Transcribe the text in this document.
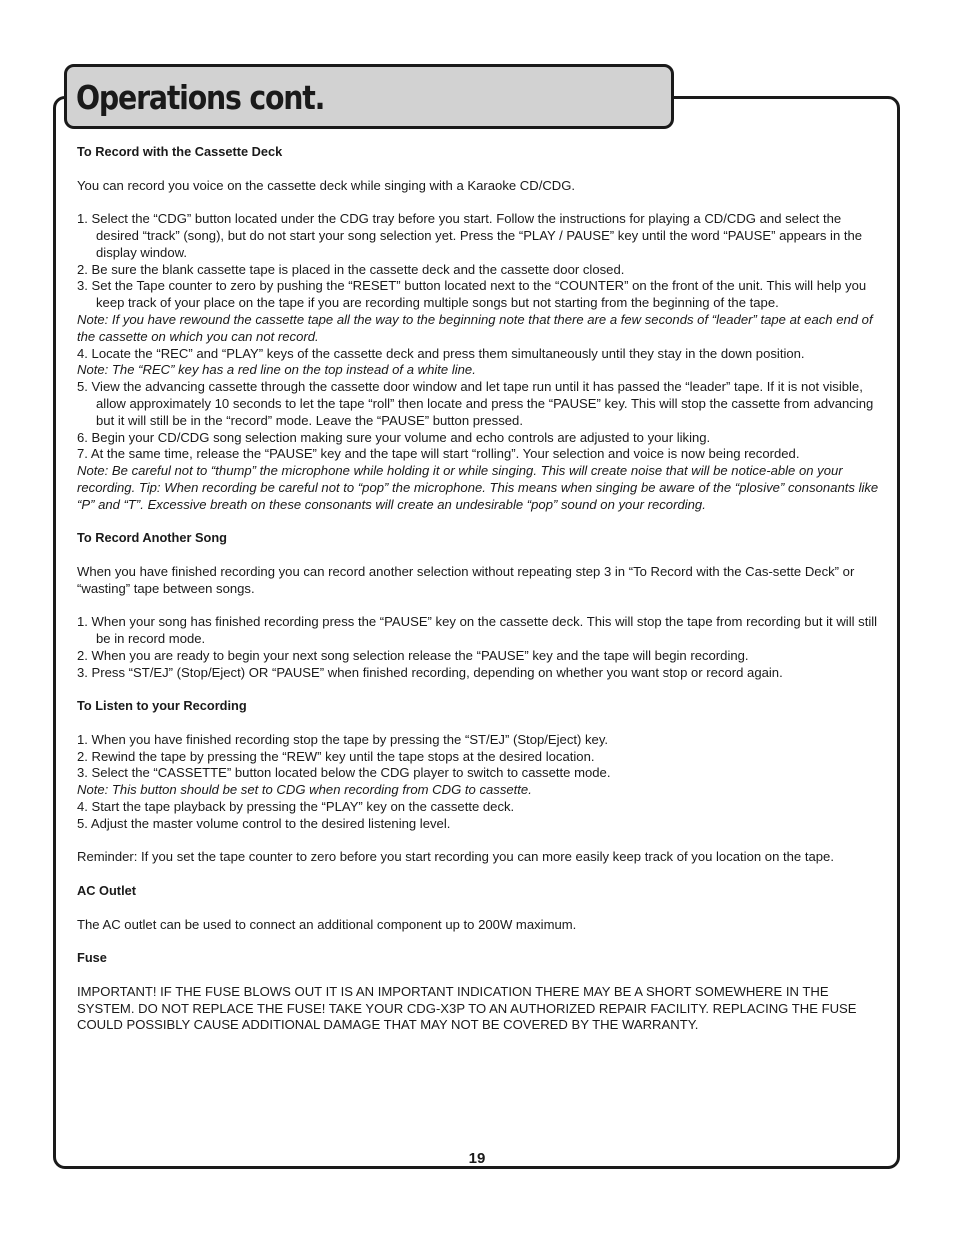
Operations cont.

To Record with the Cassette Deck

You can record you voice on the cassette deck while singing with a Karaoke CD/CDG.

1. Select the “CDG” button located under the CDG tray before you start. Follow the instructions for playing a CD/CDG and select the desired “track” (song), but do not start your song selection yet. Press the “PLAY / PAUSE” key until the word “PAUSE” appears in the display window.
2. Be sure the blank cassette tape is placed in the cassette deck and the cassette door closed.
3. Set the Tape counter to zero by pushing the “RESET” button located next to the “COUNTER” on the front of the unit. This will help you keep track of your place on the tape if you are recording multiple songs but not starting from the beginning of the tape.

Note: If you have rewound the cassette tape all the way to the beginning note that there are a few seconds of “leader” tape at each end of the cassette on which you can not record.

4. Locate the “REC” and “PLAY” keys of the cassette deck and press them simultaneously until they stay in the down position.

Note: The “REC” key has a red line on the top instead of a white line.

5. View the advancing cassette through the cassette door window and let tape run until it has passed the “leader” tape. If it is not visible, allow approximately 10 seconds to let the tape “roll” then locate and press the “PAUSE” key. This will stop the cassette from advancing but it will still be in the “record” mode. Leave the “PAUSE” button pressed.
6. Begin your CD/CDG song selection making sure your volume and echo controls are adjusted to your liking.
7. At the same time, release the “PAUSE” key and the tape will start “rolling”. Your selection and voice is now being recorded.

Note: Be careful not to “thump” the microphone while holding it or while singing. This will create noise that will be notice-able on your recording. Tip: When recording be careful not to “pop” the microphone. This means when singing be aware of the “plosive” consonants like “P” and “T”. Excessive breath on these consonants will create an undesirable “pop” sound on your recording.

To Record Another Song

When you have finished recording you can record another selection without repeating step 3 in “To Record with the Cas-sette Deck” or “wasting” tape between songs.

1. When your song has finished recording press the “PAUSE” key on the cassette deck. This will stop the tape from recording but it will still be in record mode.
2. When you are ready to begin your next song selection release the “PAUSE” key and the tape will begin recording.
3. Press “ST/EJ” (Stop/Eject) OR “PAUSE” when finished recording, depending on whether you want stop or record again.

To Listen to your Recording

1. When you have finished recording stop the tape by pressing the “ST/EJ” (Stop/Eject) key.
2. Rewind the tape by pressing the “REW” key until the tape stops at the desired location.
3. Select the “CASSETTE” button located below the CDG player to switch to cassette mode.

Note: This button should be set to CDG when recording from CDG to cassette.

4. Start the tape playback by pressing the “PLAY” key on the cassette deck.
5. Adjust the master volume control to the desired listening level.

Reminder: If you set the tape counter to zero before you start recording you can more easily keep track of you location on the tape.

AC Outlet

The AC outlet can be used to connect an additional component up to 200W maximum.

Fuse

IMPORTANT! IF THE FUSE BLOWS OUT IT IS AN IMPORTANT INDICATION THERE MAY BE A SHORT SOMEWHERE IN THE SYSTEM. DO NOT REPLACE THE FUSE! TAKE YOUR CDG-X3P TO AN AUTHORIZED REPAIR FACILITY. REPLACING THE FUSE COULD POSSIBLY CAUSE ADDITIONAL DAMAGE THAT MAY NOT BE COVERED BY THE WARRANTY.

19
